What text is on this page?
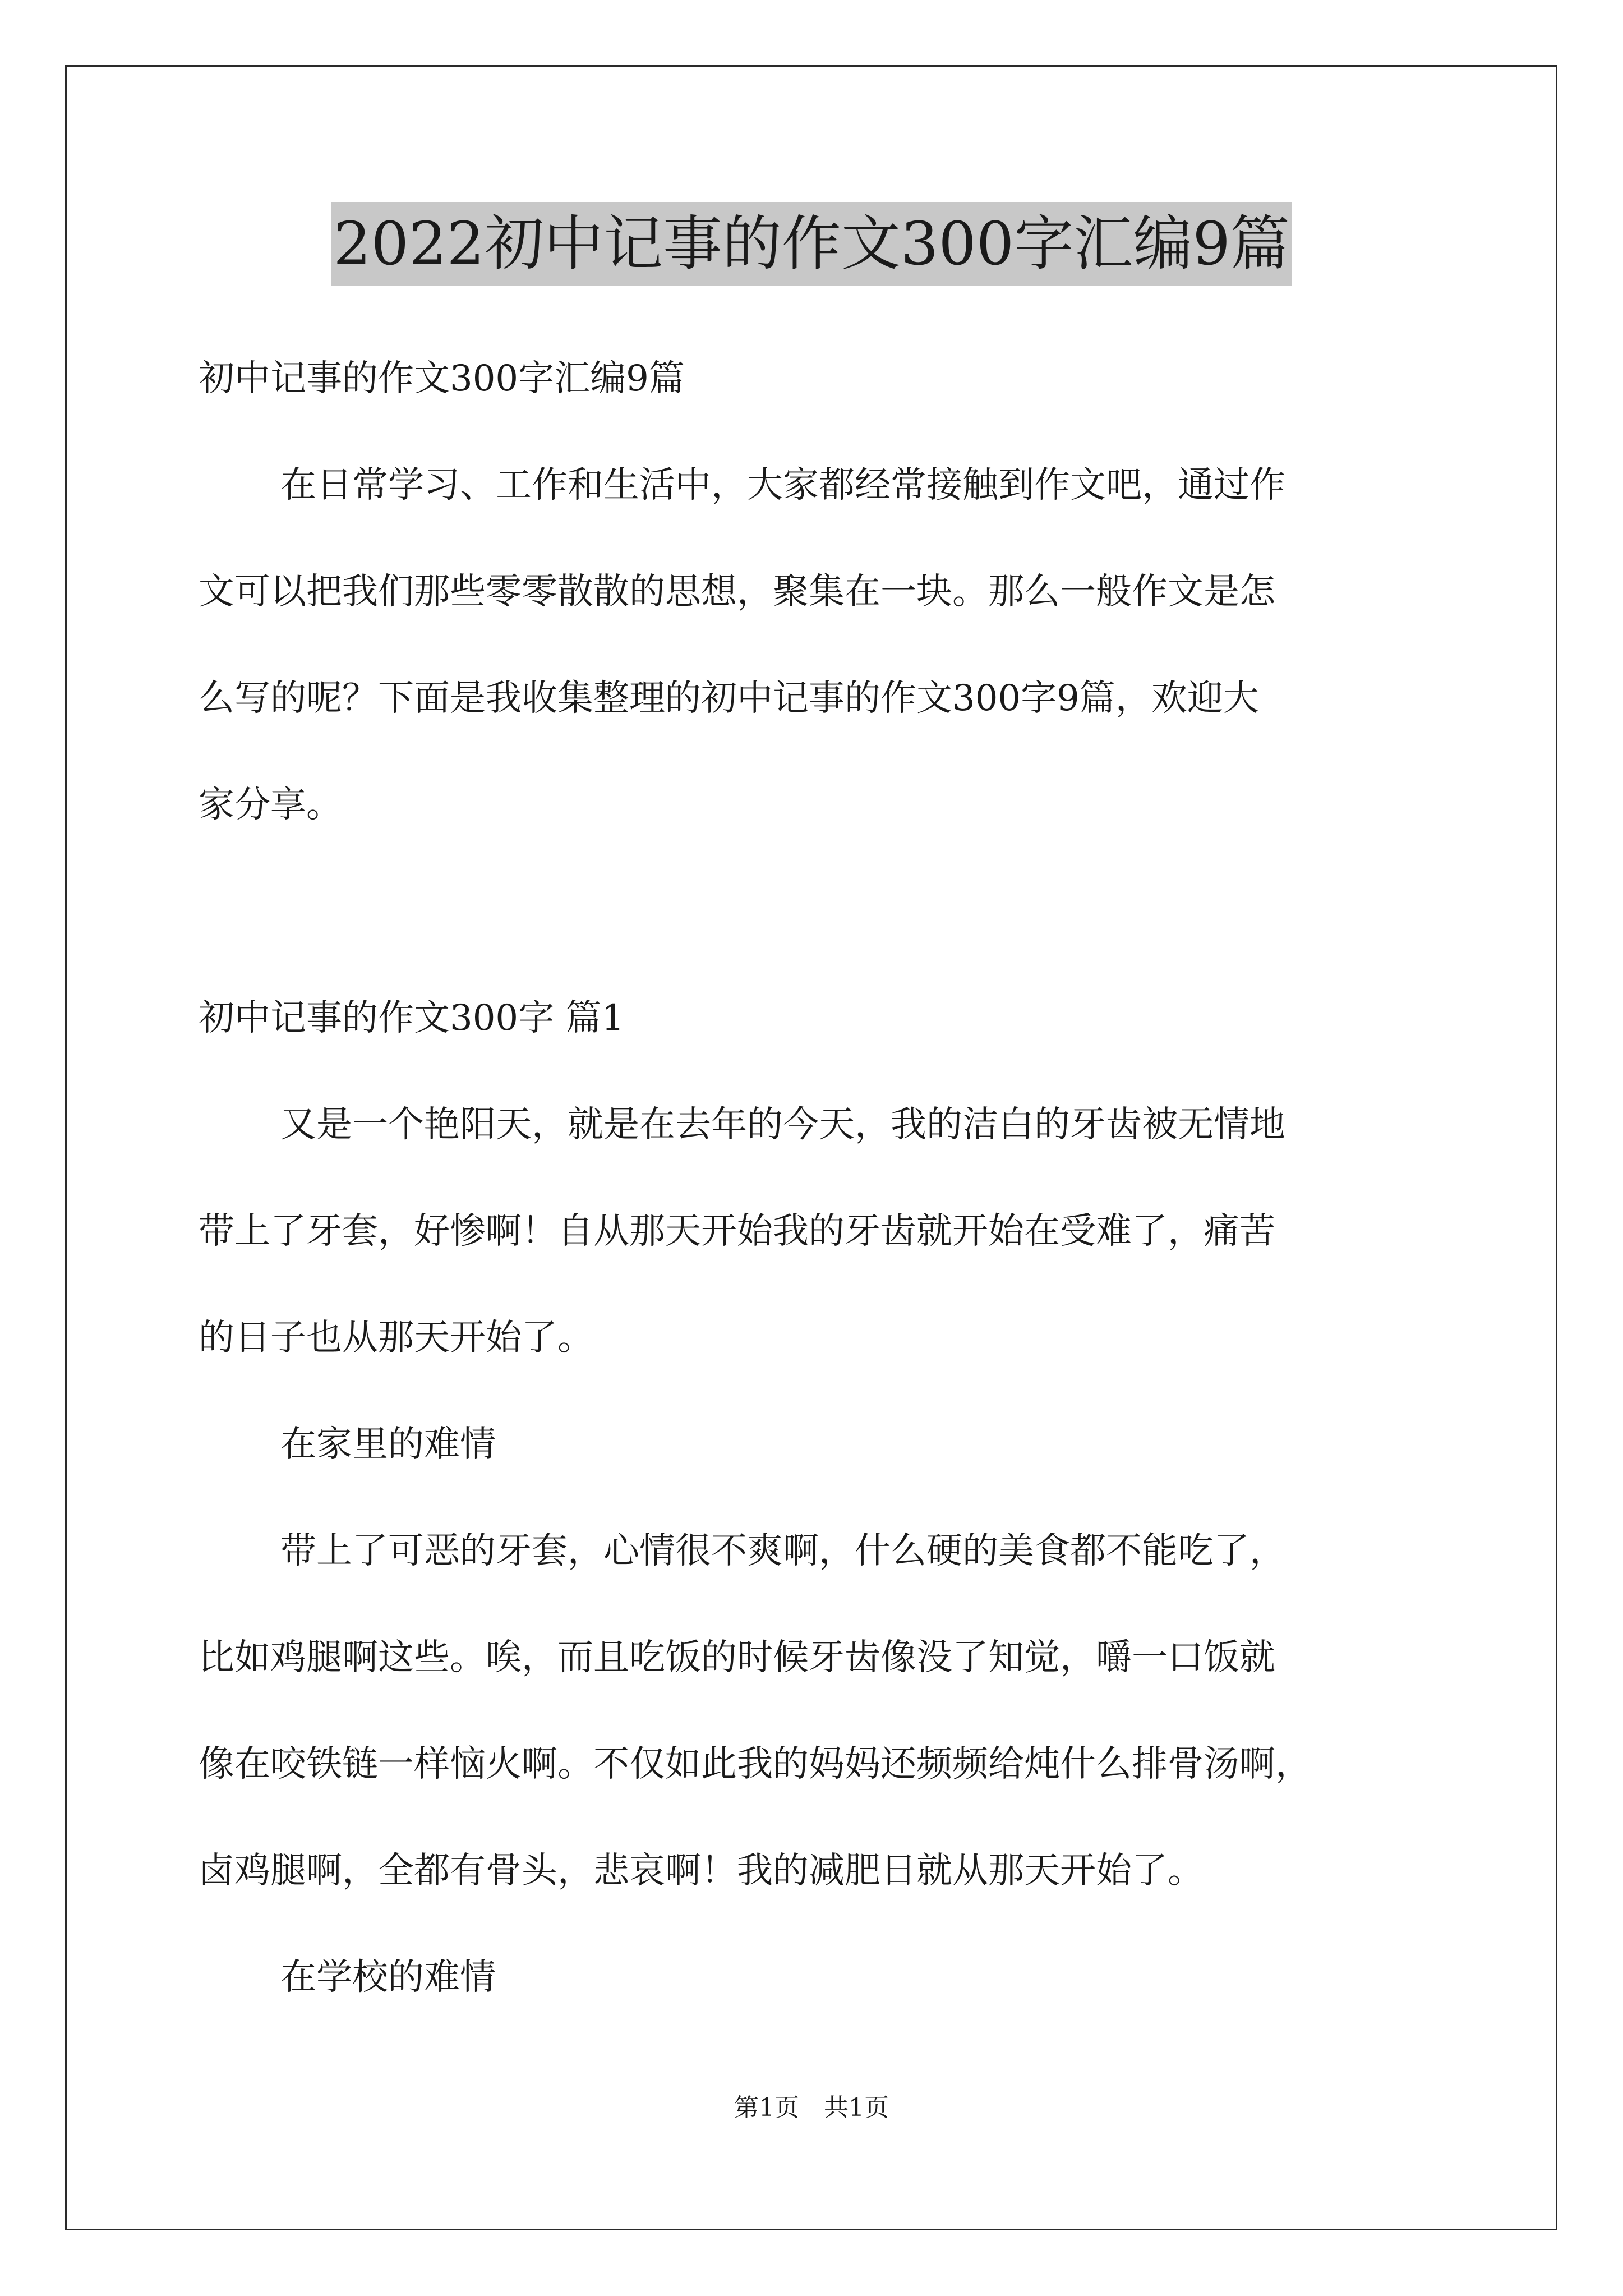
2022初中记事的作文300字汇编9篇
初中记事的作文300字汇编9篇
在日常学习、工作和生活中，大家都经常接触到作文吧，通过作
文可以把我们那些零零散散的思想，聚集在一块。那么一般作文是怎
么写的呢？下面是我收集整理的初中记事的作文300字9篇，欢迎大
家分享。
初中记事的作文300字 篇1
又是一个艳阳天，就是在去年的今天，我的洁白的牙齿被无情地
带上了牙套，好惨啊！自从那天开始我的牙齿就开始在受难了，痛苦
的日子也从那天开始了。
在家里的难情
带上了可恶的牙套，心情很不爽啊，什么硬的美食都不能吃了，
比如鸡腿啊这些。唉，而且吃饭的时候牙齿像没了知觉，嚼一口饭就
像在咬铁链一样恼火啊。不仅如此我的妈妈还频频给炖什么排骨汤啊，
卤鸡腿啊，全都有骨头，悲哀啊！我的减肥日就从那天开始了。
在学校的难情
第1页　共1页
